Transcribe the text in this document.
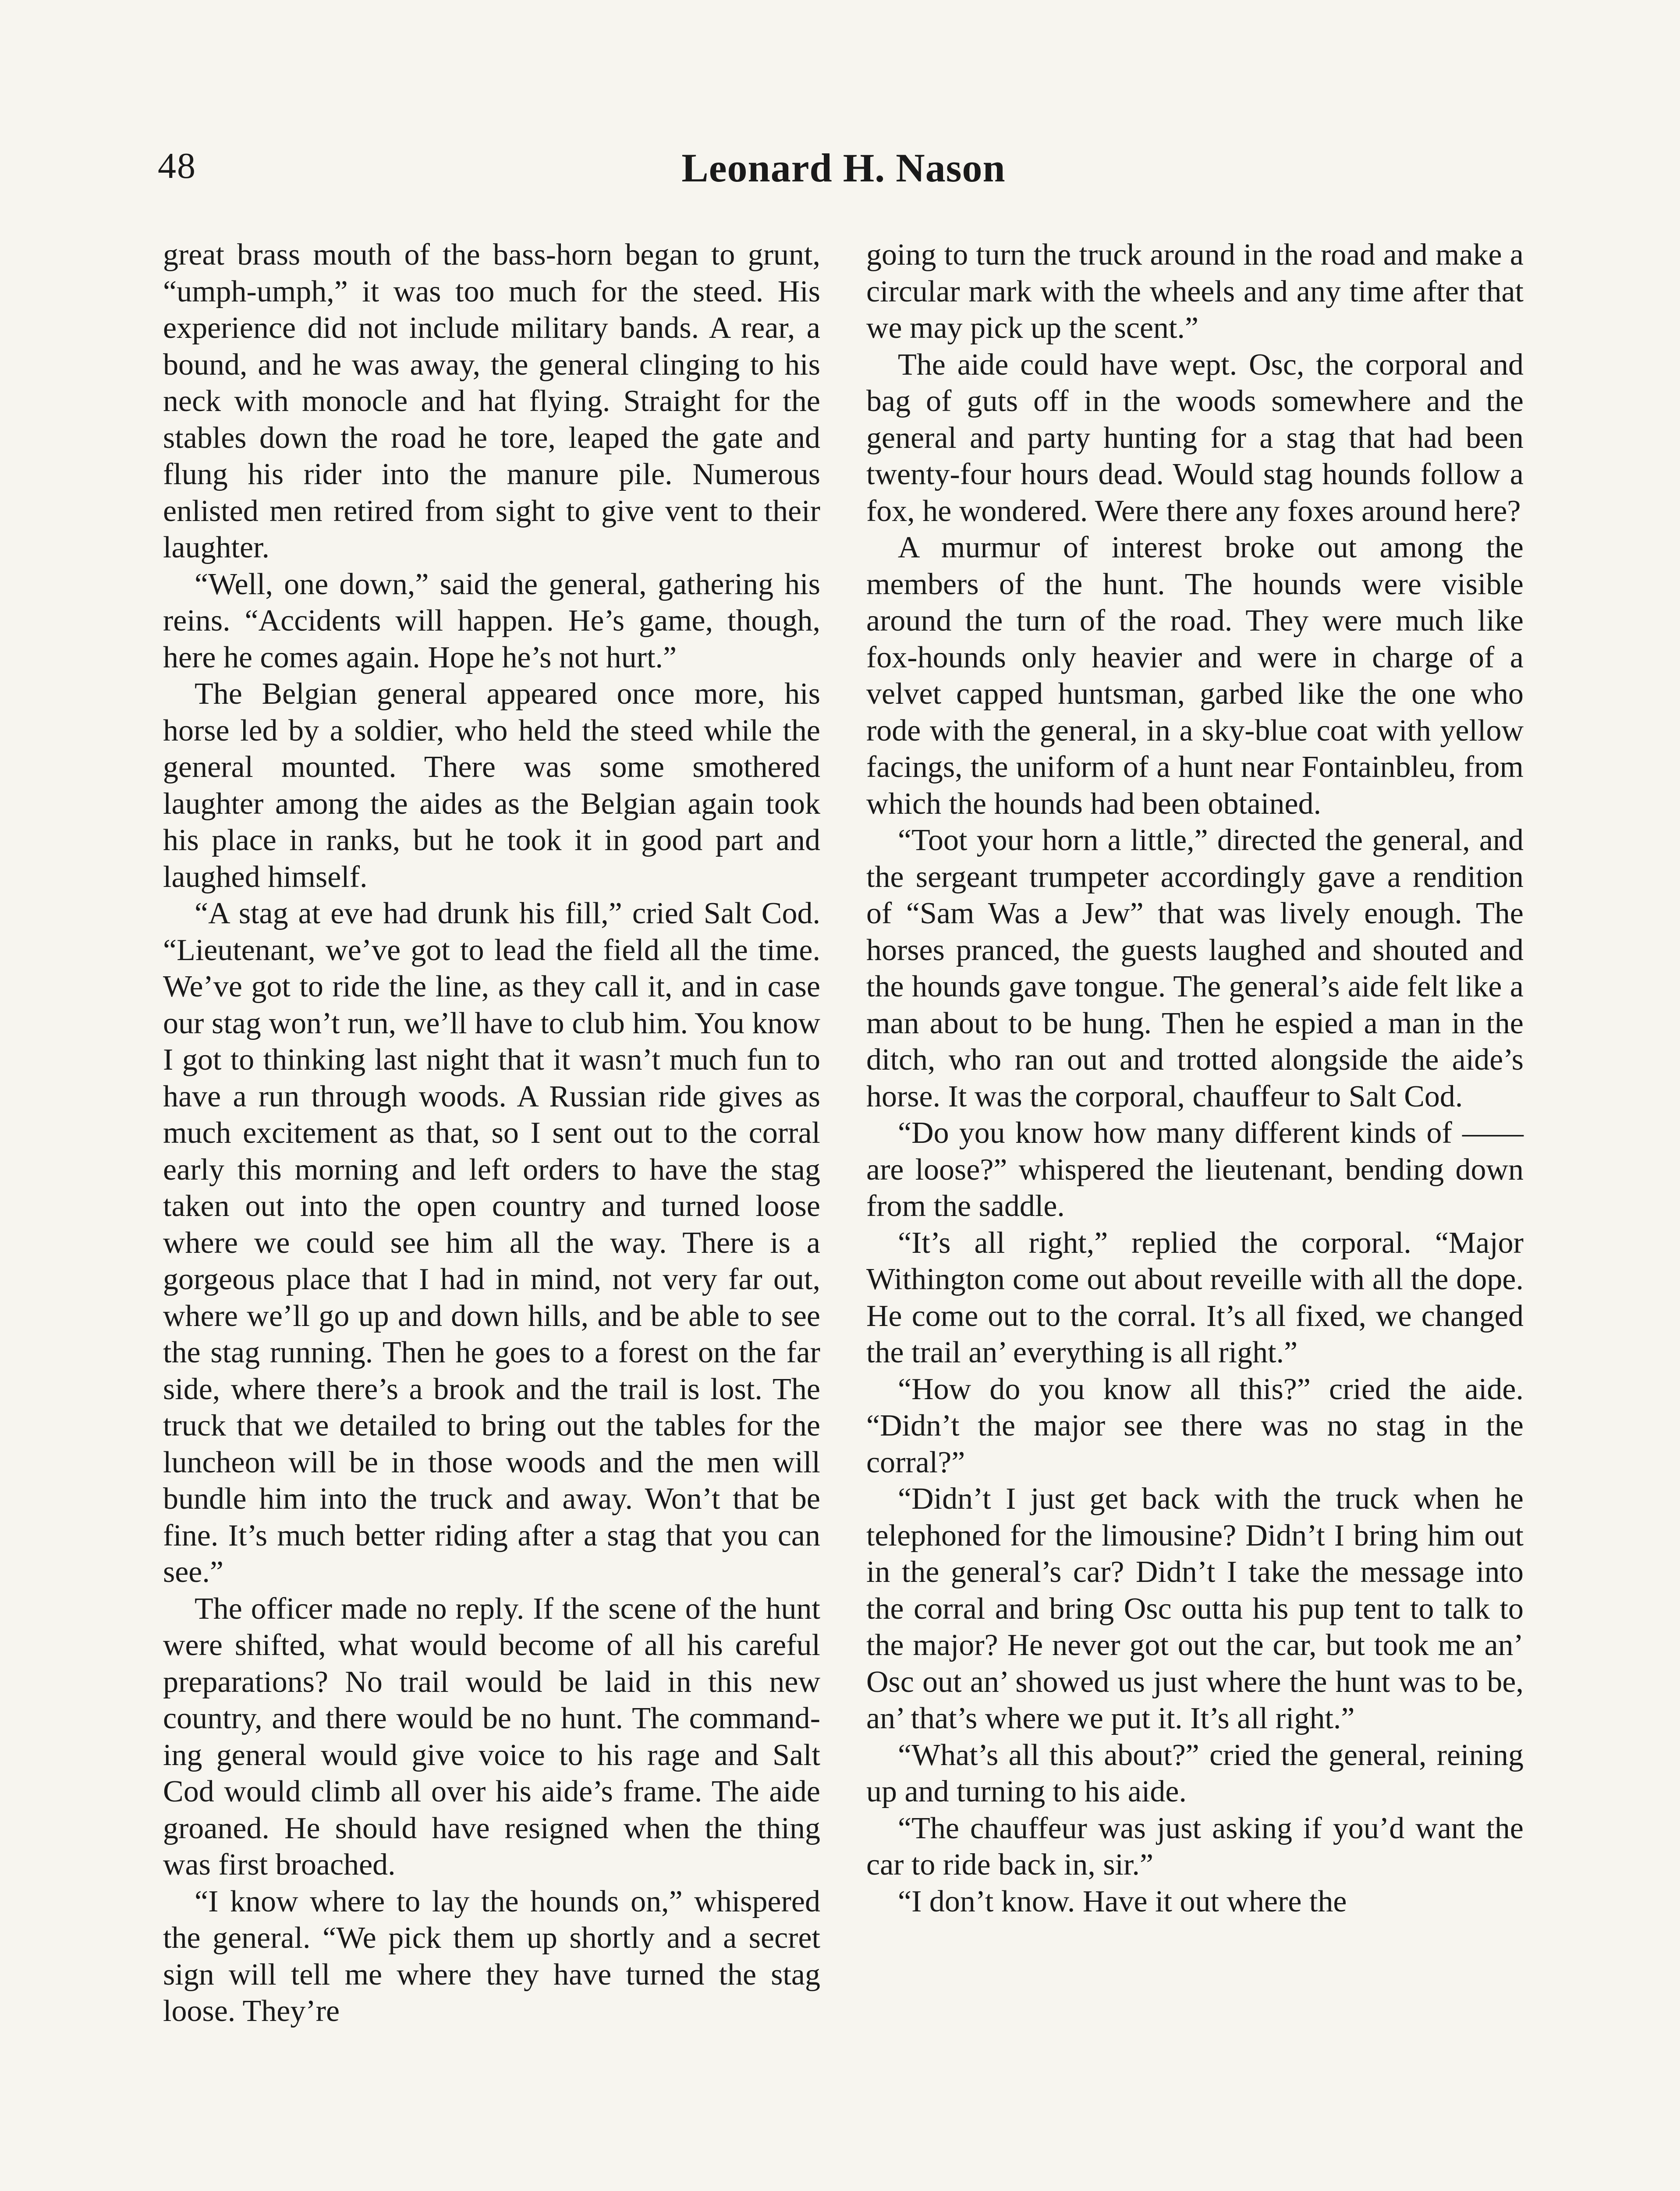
48	Leonard H. Nason

great brass mouth of the bass-horn began to grunt, “umph-umph,” it was too much for the steed. His experience did not include military bands. A rear, a bound, and he was away, the general clinging to his neck with monocle and hat flying. Straight for the stables down the road he tore, leaped the gate and flung his rider into the manure pile. Numerous enlisted men retired from sight to give vent to their laughter.

“Well, one down,” said the general, gathering his reins. “Accidents will happen. He’s game, though, here he comes again. Hope he’s not hurt.”

The Belgian general appeared once more, his horse led by a soldier, who held the steed while the general mounted. There was some smothered laughter among the aides as the Belgian again took his place in ranks, but he took it in good part and laughed himself.

“A stag at eve had drunk his fill,” cried Salt Cod. “Lieutenant, we’ve got to lead the field all the time. We’ve got to ride the line, as they call it, and in case our stag won’t run, we’ll have to club him. You know I got to thinking last night that it wasn’t much fun to have a run through woods. A Russian ride gives as much excitement as that, so I sent out to the corral early this morning and left orders to have the stag taken out into the open country and turned loose where we could see him all the way. There is a gorgeous place that I had in mind, not very far out, where we’ll go up and down hills, and be able to see the stag running. Then he goes to a forest on the far side, where there’s a brook and the trail is lost. The truck that we detailed to bring out the tables for the luncheon will be in those woods and the men will bundle him into the truck and away. Won’t that be fine. It’s much better riding after a stag that you can see.”

The officer made no reply. If the scene of the hunt were shifted, what would become of all his careful preparations? No trail would be laid in this new country, and there would be no hunt. The commanding general would give voice to his rage and Salt Cod would climb all over his aide’s frame. The aide groaned. He should have resigned when the thing was first broached.

“I know where to lay the hounds on,” whispered the general. “We pick them up shortly and a secret sign will tell me where they have turned the stag loose. They’re

going to turn the truck around in the road and make a circular mark with the wheels and any time after that we may pick up the scent.”

The aide could have wept. Osc, the corporal and bag of guts off in the woods somewhere and the general and party hunting for a stag that had been twenty-four hours dead. Would stag hounds follow a fox, he wondered. Were there any foxes around here?

A murmur of interest broke out among the members of the hunt. The hounds were visible around the turn of the road. They were much like fox-hounds only heavier and were in charge of a velvet capped huntsman, garbed like the one who rode with the general, in a sky-blue coat with yellow facings, the uniform of a hunt near Fontainbleu, from which the hounds had been obtained.

“Toot your horn a little,” directed the general, and the sergeant trumpeter accordingly gave a rendition of “Sam Was a Jew” that was lively enough. The horses pranced, the guests laughed and shouted and the hounds gave tongue. The general’s aide felt like a man about to be hung. Then he espied a man in the ditch, who ran out and trotted alongside the aide’s horse. It was the corporal, chauffeur to Salt Cod.

“Do you know how many different kinds of —— are loose?” whispered the lieutenant, bending down from the saddle.

“It’s all right,” replied the corporal. “Major Withington come out about reveille with all the dope. He come out to the corral. It’s all fixed, we changed the trail an’ everything is all right.”

“How do you know all this?” cried the aide. “Didn’t the major see there was no stag in the corral?”

“Didn’t I just get back with the truck when he telephoned for the limousine? Didn’t I bring him out in the general’s car? Didn’t I take the message into the corral and bring Osc outta his pup tent to talk to the major? He never got out the car, but took me an’ Osc out an’ showed us just where the hunt was to be, an’ that’s where we put it. It’s all right.”

“What’s all this about?” cried the general, reining up and turning to his aide.

“The chauffeur was just asking if you’d want the car to ride back in, sir.”

“I don’t know. Have it out where the
